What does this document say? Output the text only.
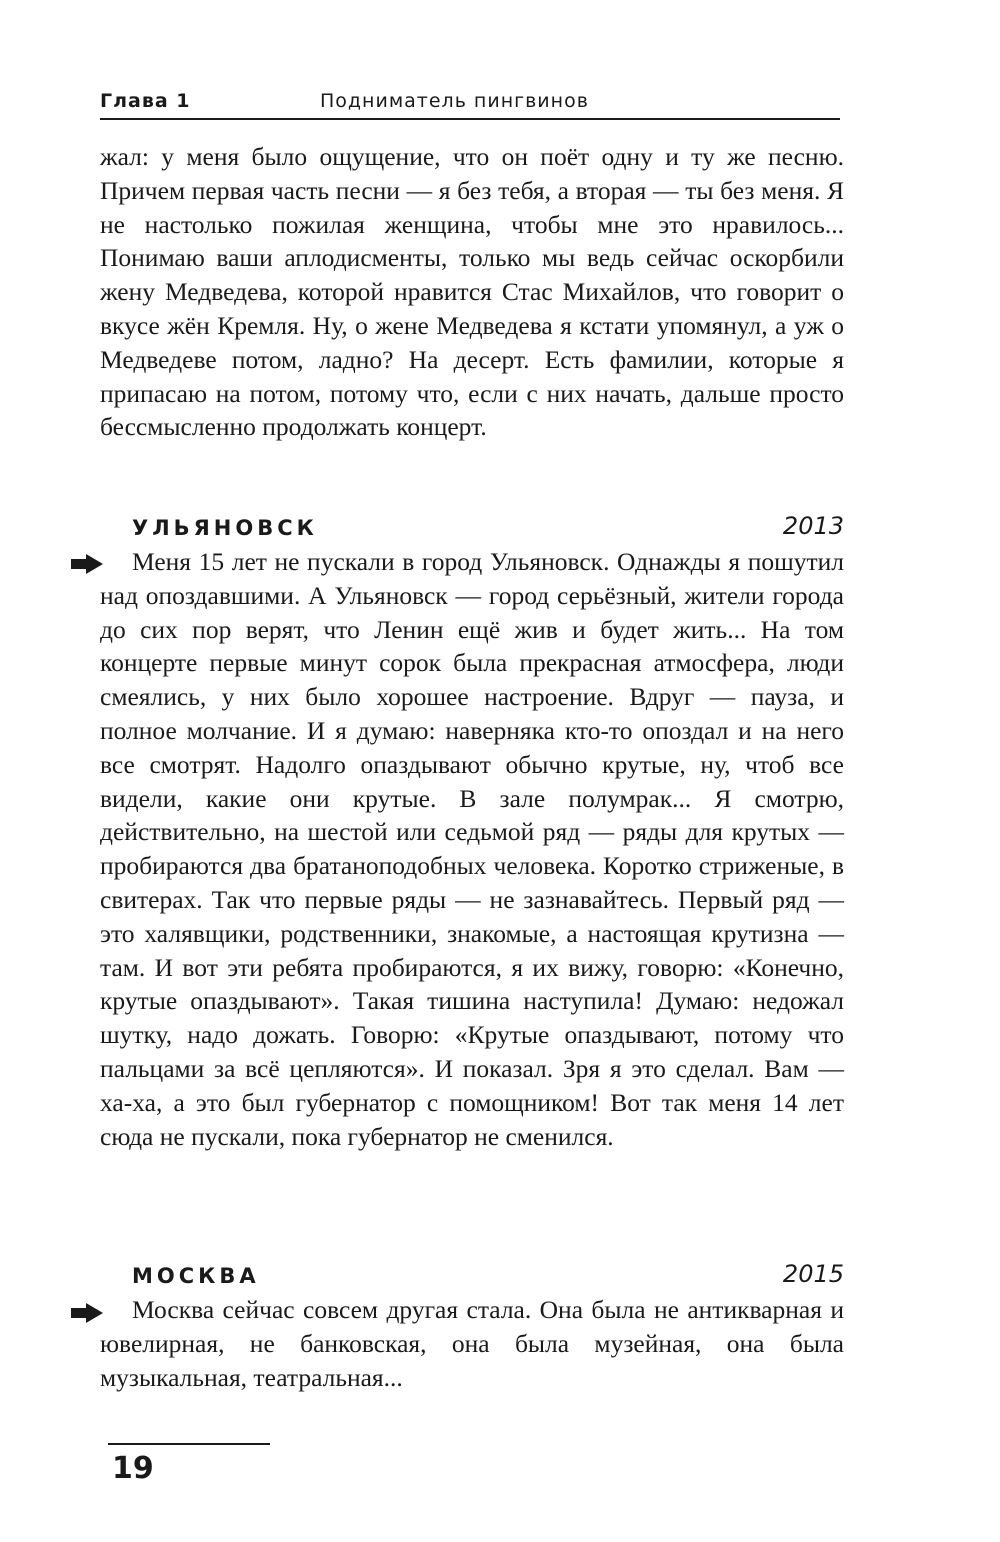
Глава 1	Подниматель пингвинов

жал: у меня было ощущение, что он поёт одну и ту же песню. Причем первая часть песни — я без тебя, а вторая — ты без меня. Я не настолько пожилая женщина, чтобы мне это нравилось... Понимаю ваши аплодисменты, только мы ведь сейчас оскорбили жену Медведева, которой нравится Стас Михайлов, что говорит о вкусе жён Кремля. Ну, о жене Медведева я кстати упомянул, а уж о Медведеве потом, ладно? На десерт. Есть фамилии, которые я припасаю на потом, потому что, если с них начать, дальше просто бессмысленно продолжать концерт.

УЛЬЯНОВСК	2013

Меня 15 лет не пускали в город Ульяновск. Однажды я пошутил над опоздавшими. А Ульяновск — город серьёзный, жители города до сих пор верят, что Ленин ещё жив и будет жить... На том концерте первые минут сорок была прекрасная атмосфера, люди смеялись, у них было хорошее настроение. Вдруг — пауза, и полное молчание. И я думаю: наверняка кто-то опоздал и на него все смотрят. Надолго опаздывают обычно крутые, ну, чтоб все видели, какие они крутые. В зале полумрак... Я смотрю, действительно, на шестой или седьмой ряд — ряды для крутых — пробираются два братаноподобных человека. Коротко стриженые, в свитерах. Так что первые ряды — не зазнавайтесь. Первый ряд — это халявщики, родственники, знакомые, а настоящая крутизна — там. И вот эти ребята пробираются, я их вижу, говорю: «Конечно, крутые опаздывают». Такая тишина наступила! Думаю: недожал шутку, надо дожать. Говорю: «Крутые опаздывают, потому что пальцами за всё цепляются». И показал. Зря я это сделал. Вам — ха-ха, а это был губернатор с помощником! Вот так меня 14 лет сюда не пускали, пока губернатор не сменился.

МОСКВА	2015

Москва сейчас совсем другая стала. Она была не антикварная и ювелирная, не банковская, она была музейная, она была музыкальная, театральная...

19
